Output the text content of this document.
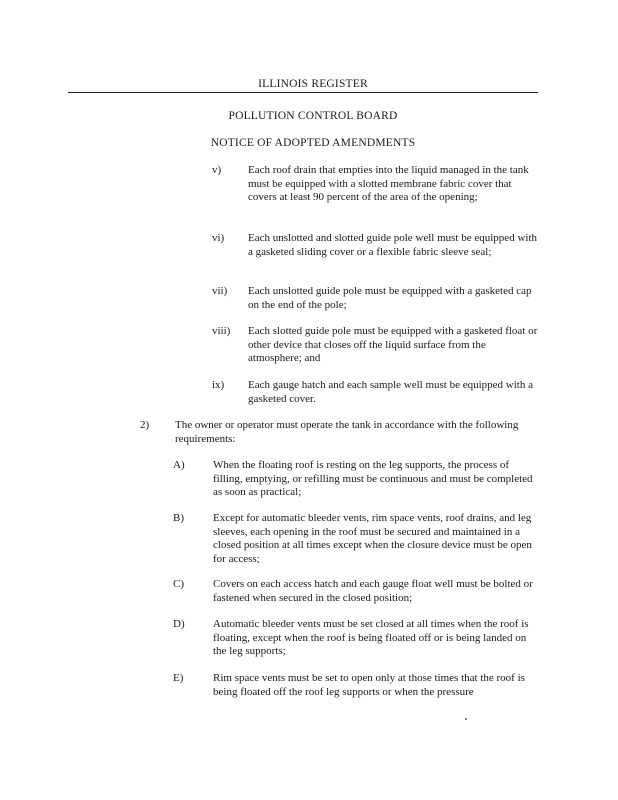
ILLINOIS REGISTER
POLLUTION CONTROL BOARD
NOTICE OF ADOPTED AMENDMENTS
v)	Each roof drain that empties into the liquid managed in the tank must be equipped with a slotted membrane fabric cover that covers at least 90 percent of the area of the opening;
vi)	Each unslotted and slotted guide pole well must be equipped with a gasketed sliding cover or a flexible fabric sleeve seal;
vii)	Each unslotted guide pole must be equipped with a gasketed cap on the end of the pole;
viii)	Each slotted guide pole must be equipped with a gasketed float or other device that closes off the liquid surface from the atmosphere; and
ix)	Each gauge hatch and each sample well must be equipped with a gasketed cover.
2) The owner or operator must operate the tank in accordance with the following requirements:
A)	When the floating roof is resting on the leg supports, the process of filling, emptying, or refilling must be continuous and must be completed as soon as practical;
B)	Except for automatic bleeder vents, rim space vents, roof drains, and leg sleeves, each opening in the roof must be secured and maintained in a closed position at all times except when the closure device must be open for access;
C)	Covers on each access hatch and each gauge float well must be bolted or fastened when secured in the closed position;
D)	Automatic bleeder vents must be set closed at all times when the roof is floating, except when the roof is being floated off or is being landed on the leg supports;
E)	Rim space vents must be set to open only at those times that the roof is being floated off the roof leg supports or when the pressure
